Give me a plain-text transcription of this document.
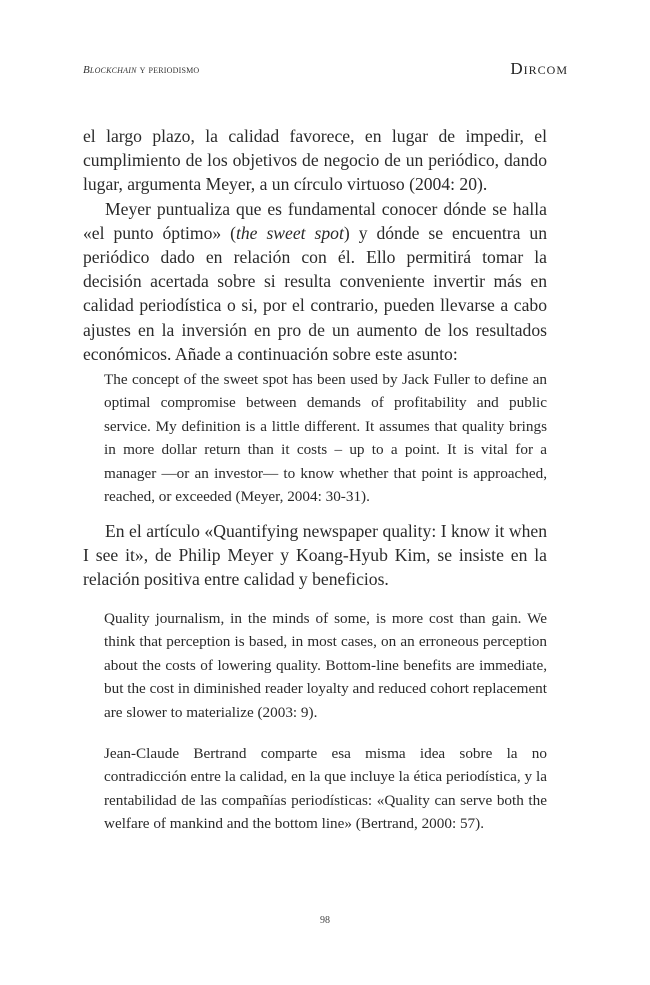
Blockchain y periodismo	Dircom

el largo plazo, la calidad favorece, en lugar de impedir, el cumplimiento de los objetivos de negocio de un periódico, dando lugar, argumenta Meyer, a un círculo virtuoso (2004: 20).

Meyer puntualiza que es fundamental conocer dónde se halla «el punto óptimo» (the sweet spot) y dónde se encuentra un periódico dado en relación con él. Ello permitirá tomar la decisión acertada sobre si resulta conveniente invertir más en calidad periodística o si, por el contrario, pueden llevarse a cabo ajustes en la inversión en pro de un aumento de los resultados económicos. Añade a continuación sobre este asunto:

The concept of the sweet spot has been used by Jack Fuller to define an optimal compromise between demands of profitability and public service. My definition is a little different. It assumes that quality brings in more dollar return than it costs – up to a point. It is vital for a manager —or an investor— to know whether that point is approached, reached, or exceeded (Meyer, 2004: 30-31).

En el artículo «Quantifying newspaper quality: I know it when I see it», de Philip Meyer y Koang-Hyub Kim, se insiste en la relación positiva entre calidad y beneficios.

Quality journalism, in the minds of some, is more cost than gain. We think that perception is based, in most cases, on an erroneous perception about the costs of lowering quality. Bottom-line benefits are immediate, but the cost in diminished reader loyalty and reduced cohort replacement are slower to materialize (2003: 9).

Jean-Claude Bertrand comparte esa misma idea sobre la no contradicción entre la calidad, en la que incluye la ética periodística, y la rentabilidad de las compañías periodísticas: «Quality can serve both the welfare of mankind and the bottom line» (Bertrand, 2000: 57).

98
